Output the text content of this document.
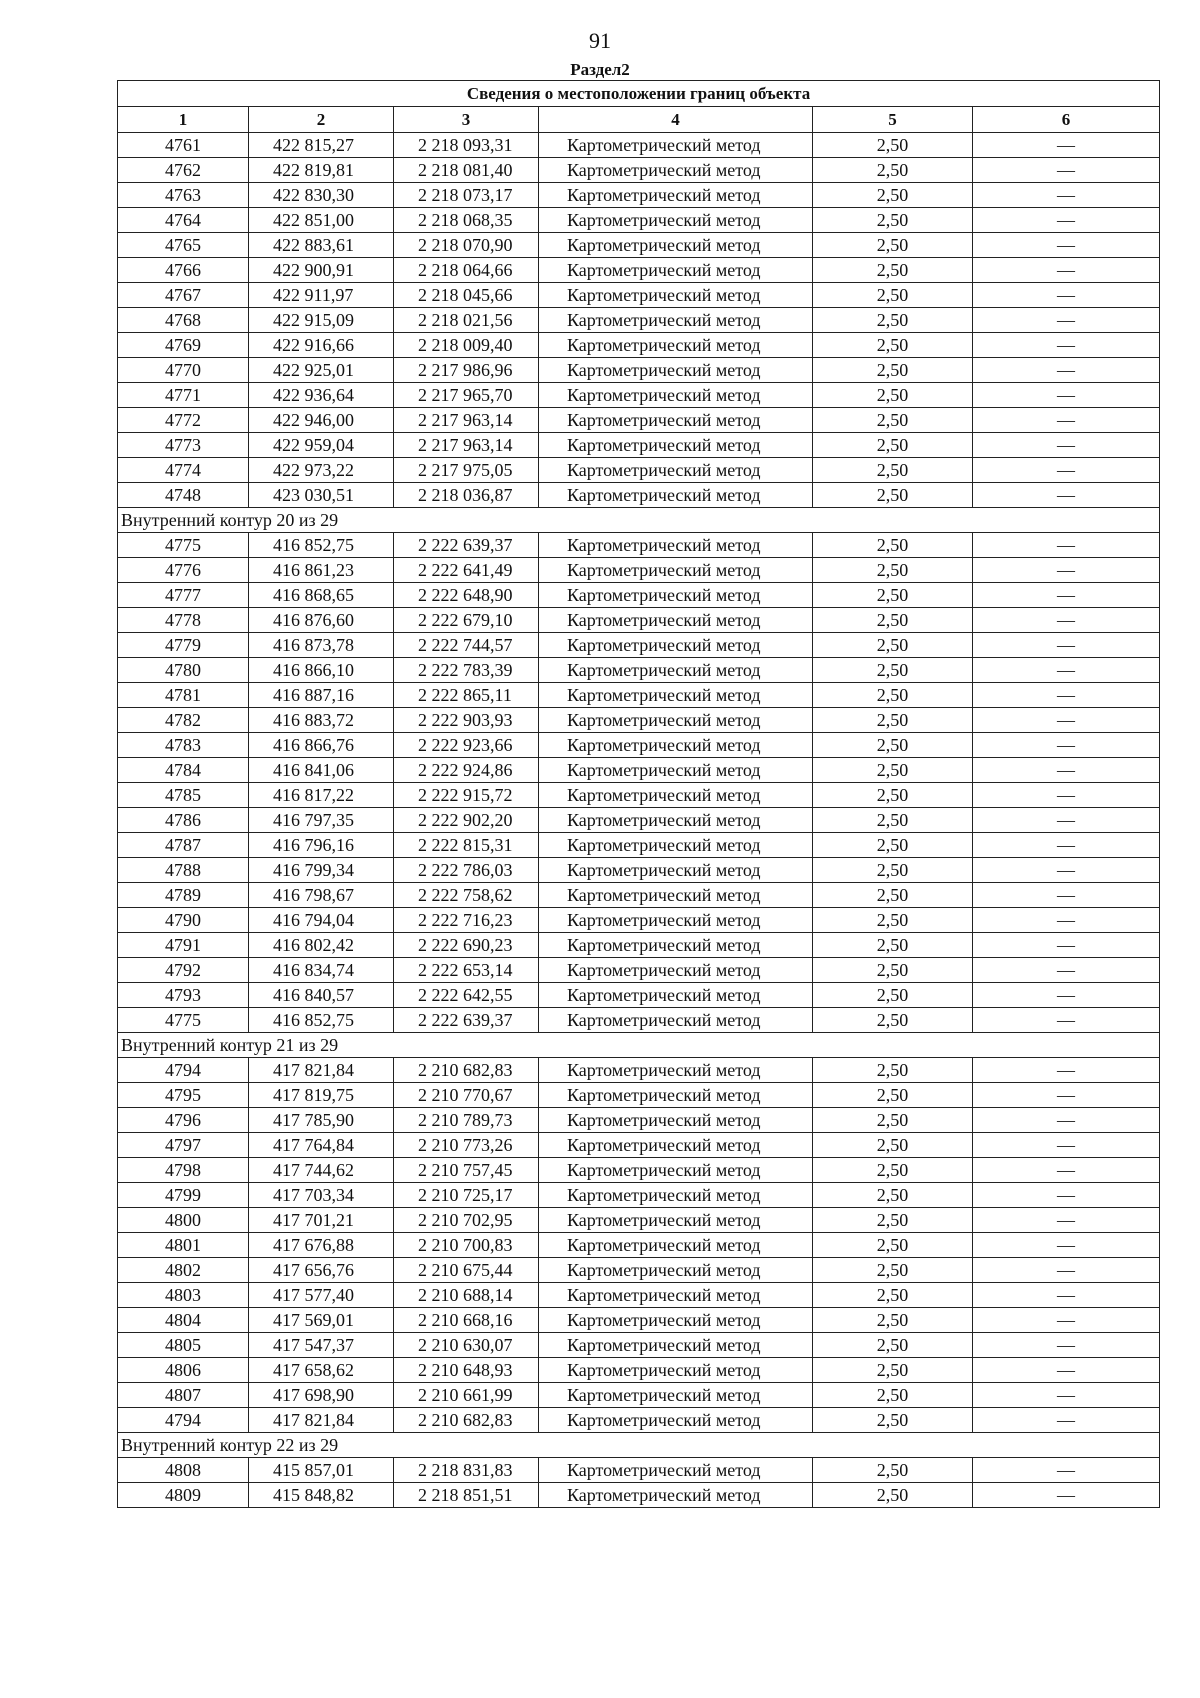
91
Раздел2
Сведения о местоположении границ объекта					
1	2	3	4	5	6
4761	422 815,27	2 218 093,31	Картометрический метод	2,50	—
4762	422 819,81	2 218 081,40	Картометрический метод	2,50	—
4763	422 830,30	2 218 073,17	Картометрический метод	2,50	—
4764	422 851,00	2 218 068,35	Картометрический метод	2,50	—
4765	422 883,61	2 218 070,90	Картометрический метод	2,50	—
4766	422 900,91	2 218 064,66	Картометрический метод	2,50	—
4767	422 911,97	2 218 045,66	Картометрический метод	2,50	—
4768	422 915,09	2 218 021,56	Картометрический метод	2,50	—
4769	422 916,66	2 218 009,40	Картометрический метод	2,50	—
4770	422 925,01	2 217 986,96	Картометрический метод	2,50	—
4771	422 936,64	2 217 965,70	Картометрический метод	2,50	—
4772	422 946,00	2 217 963,14	Картометрический метод	2,50	—
4773	422 959,04	2 217 963,14	Картометрический метод	2,50	—
4774	422 973,22	2 217 975,05	Картометрический метод	2,50	—
4748	423 030,51	2 218 036,87	Картометрический метод	2,50	—
Внутренний контур 20 из 29					
4775	416 852,75	2 222 639,37	Картометрический метод	2,50	—
4776	416 861,23	2 222 641,49	Картометрический метод	2,50	—
4777	416 868,65	2 222 648,90	Картометрический метод	2,50	—
4778	416 876,60	2 222 679,10	Картометрический метод	2,50	—
4779	416 873,78	2 222 744,57	Картометрический метод	2,50	—
4780	416 866,10	2 222 783,39	Картометрический метод	2,50	—
4781	416 887,16	2 222 865,11	Картометрический метод	2,50	—
4782	416 883,72	2 222 903,93	Картометрический метод	2,50	—
4783	416 866,76	2 222 923,66	Картометрический метод	2,50	—
4784	416 841,06	2 222 924,86	Картометрический метод	2,50	—
4785	416 817,22	2 222 915,72	Картометрический метод	2,50	—
4786	416 797,35	2 222 902,20	Картометрический метод	2,50	—
4787	416 796,16	2 222 815,31	Картометрический метод	2,50	—
4788	416 799,34	2 222 786,03	Картометрический метод	2,50	—
4789	416 798,67	2 222 758,62	Картометрический метод	2,50	—
4790	416 794,04	2 222 716,23	Картометрический метод	2,50	—
4791	416 802,42	2 222 690,23	Картометрический метод	2,50	—
4792	416 834,74	2 222 653,14	Картометрический метод	2,50	—
4793	416 840,57	2 222 642,55	Картометрический метод	2,50	—
4775	416 852,75	2 222 639,37	Картометрический метод	2,50	—
Внутренний контур 21 из 29					
4794	417 821,84	2 210 682,83	Картометрический метод	2,50	—
4795	417 819,75	2 210 770,67	Картометрический метод	2,50	—
4796	417 785,90	2 210 789,73	Картометрический метод	2,50	—
4797	417 764,84	2 210 773,26	Картометрический метод	2,50	—
4798	417 744,62	2 210 757,45	Картометрический метод	2,50	—
4799	417 703,34	2 210 725,17	Картометрический метод	2,50	—
4800	417 701,21	2 210 702,95	Картометрический метод	2,50	—
4801	417 676,88	2 210 700,83	Картометрический метод	2,50	—
4802	417 656,76	2 210 675,44	Картометрический метод	2,50	—
4803	417 577,40	2 210 688,14	Картометрический метод	2,50	—
4804	417 569,01	2 210 668,16	Картометрический метод	2,50	—
4805	417 547,37	2 210 630,07	Картометрический метод	2,50	—
4806	417 658,62	2 210 648,93	Картометрический метод	2,50	—
4807	417 698,90	2 210 661,99	Картометрический метод	2,50	—
4794	417 821,84	2 210 682,83	Картометрический метод	2,50	—
Внутренний контур 22 из 29					
4808	415 857,01	2 218 831,83	Картометрический метод	2,50	—
4809	415 848,82	2 218 851,51	Картометрический метод	2,50	—
